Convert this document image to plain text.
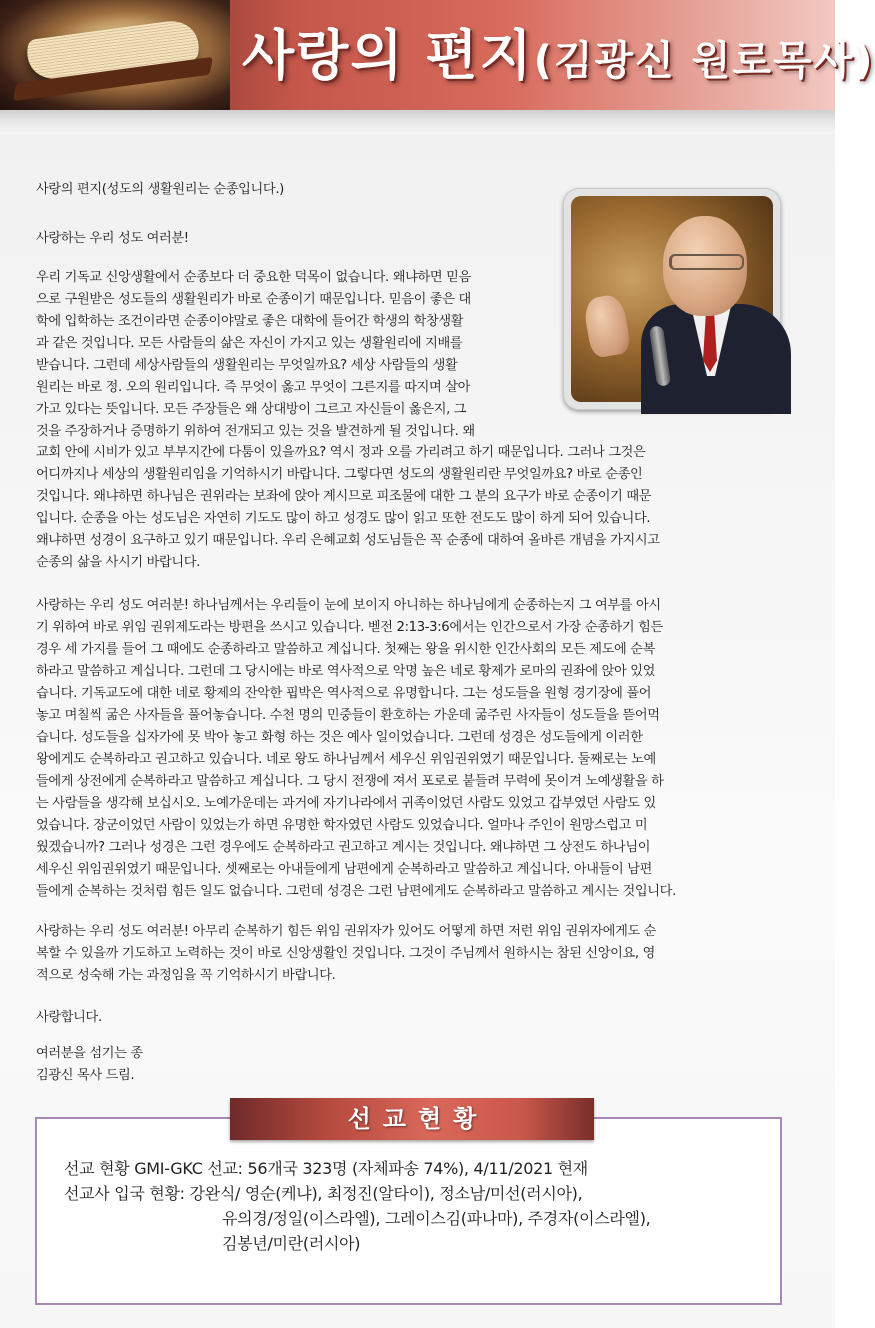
사랑의 편지(김광신 원로목사)
사랑의 편지(성도의 생활원리는 순종입니다.)
사랑하는 우리 성도 여러분!
우리 기독교 신앙생활에서 순종보다 더 중요한 덕목이 없습니다. 왜냐하면 믿음
으로 구원받은 성도들의 생활원리가 바로 순종이기 때문입니다. 믿음이 좋은 대
학에 입학하는 조건이라면 순종이야말로 좋은 대학에 들어간 학생의 학창생활
과 같은 것입니다. 모든 사람들의 삶은 자신이 가지고 있는 생활원리에 지배를
받습니다. 그런데 세상사람들의 생활원리는 무엇일까요? 세상 사람들의 생활
원리는 바로 정. 오의 원리입니다. 즉 무엇이 옳고 무엇이 그른지를 따지며 살아
가고 있다는 뜻입니다. 모든 주장들은 왜 상대방이 그르고 자신들이 옳은지, 그
것을 주장하거나 증명하기 위하여 전개되고 있는 것을 발견하게 될 것입니다. 왜
교회 안에 시비가 있고 부부지간에 다툼이 있을까요? 역시 정과 오를 가리려고 하기 때문입니다. 그러나 그것은
어디까지나 세상의 생활원리임을 기억하시기 바랍니다. 그렇다면 성도의 생활원리란 무엇일까요? 바로 순종인
것입니다. 왜냐하면 하나님은 권위라는 보좌에 앉아 계시므로 피조물에 대한 그 분의 요구가 바로 순종이기 때문
입니다. 순종을 아는 성도님은 자연히 기도도 많이 하고 성경도 많이 읽고 또한 전도도 많이 하게 되어 있습니다.
왜냐하면 성경이 요구하고 있기 때문입니다. 우리 은혜교회 성도님들은 꼭 순종에 대하여 올바른 개념을 가지시고
순종의 삶을 사시기 바랍니다.
사랑하는 우리 성도 여러분! 하나님께서는 우리들이 눈에 보이지 아니하는 하나님에게 순종하는지 그 여부를 아시
기 위하여 바로 위임 권위제도라는 방편을 쓰시고 있습니다. 벧전 2:13-3:6에서는 인간으로서 가장 순종하기 힘든
경우 세 가지를 들어 그 때에도 순종하라고 말씀하고 계십니다. 첫째는 왕을 위시한 인간사회의 모든 제도에 순복
하라고 말씀하고 계십니다. 그런데 그 당시에는 바로 역사적으로 악명 높은 네로 황제가 로마의 권좌에 앉아 있었
습니다. 기독교도에 대한 네로 황제의 잔악한 핍박은 역사적으로 유명합니다. 그는 성도들을 원형 경기장에 풀어
놓고 며칠씩 굶은 사자들을 풀어놓습니다. 수천 명의 민중들이 환호하는 가운데 굶주린 사자들이 성도들을 뜯어먹
습니다. 성도들을 십자가에 못 박아 놓고 화형 하는 것은 예사 일이었습니다. 그런데 성경은 성도들에게 이러한
왕에게도 순복하라고 권고하고 있습니다. 네로 왕도 하나님께서 세우신 위임권위였기 때문입니다. 둘째로는 노예
들에게 상전에게 순복하라고 말씀하고 계십니다. 그 당시 전쟁에 져서 포로로 붙들려 무력에 못이겨 노예생활을 하
는 사람들을 생각해 보십시오. 노예가운데는 과거에 자기나라에서 귀족이었던 사람도 있었고 갑부였던 사람도 있
었습니다. 장군이었던 사람이 있었는가 하면 유명한 학자였던 사람도 있었습니다. 얼마나 주인이 원망스럽고 미
웠겠습니까? 그러나 성경은 그런 경우에도 순복하라고 권고하고 계시는 것입니다. 왜냐하면 그 상전도 하나님이
세우신 위임권위였기 때문입니다. 셋째로는 아내들에게 남편에게 순복하라고 말씀하고 계십니다. 아내들이 남편
들에게 순복하는 것처럼 힘든 일도 없습니다. 그런데 성경은 그런 남편에게도 순복하라고 말씀하고 계시는 것입니다.
사랑하는 우리 성도 여러분! 아무리 순복하기 힘든 위임 권위자가 있어도 어떻게 하면 저런 위임 권위자에게도 순
복할 수 있을까 기도하고 노력하는 것이 바로 신앙생활인 것입니다. 그것이 주님께서 원하시는 참된 신앙이요, 영
적으로 성숙해 가는 과정임을 꼭 기억하시기 바랍니다.
사랑합니다.
여러분을 섬기는 종
김광신 목사 드림.
선교현황
선교 현황 GMI-GKC 선교: 56개국 323명 (자체파송 74%), 4/11/2021 현재
선교사 입국 현황: 강완식/ 영순(케냐), 최정진(알타이), 정소남/미선(러시아),
유의경/정일(이스라엘), 그레이스김(파나마), 주경자(이스라엘),
김봉년/미란(러시아)
